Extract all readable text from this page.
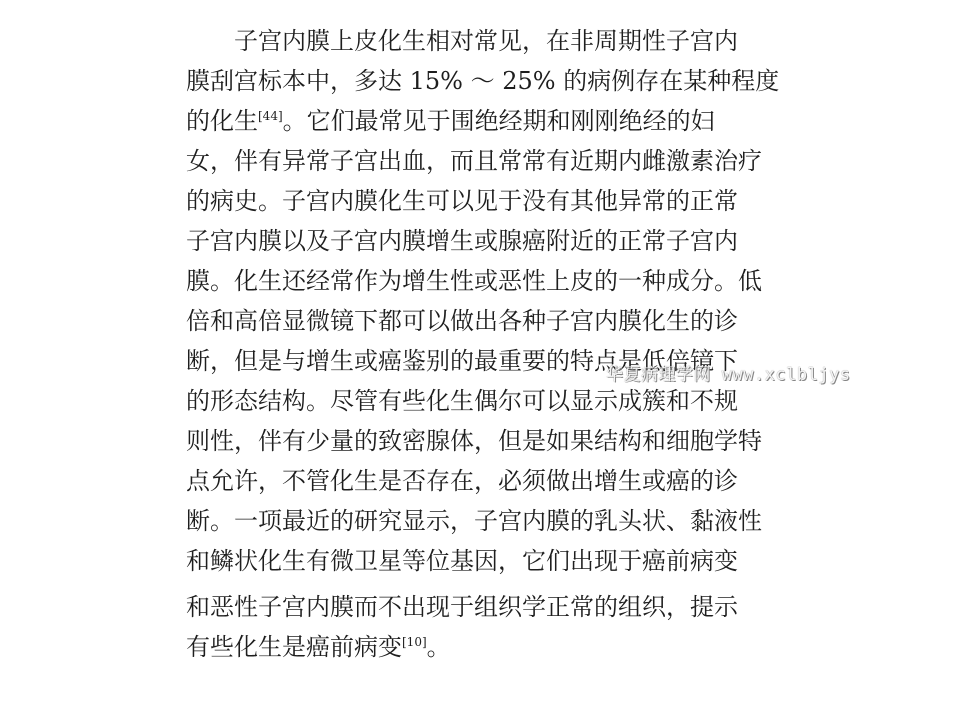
子宫内膜上皮化生相对常见，在非周期性子宫内
膜刮宫标本中，多达 15% ～ 25% 的病例存在某种程度
的化生[44]。它们最常见于围绝经期和刚刚绝经的妇
女，伴有异常子宫出血，而且常常有近期内雌激素治疗
的病史。子宫内膜化生可以见于没有其他异常的正常
子宫内膜以及子宫内膜增生或腺癌附近的正常子宫内
膜。化生还经常作为增生性或恶性上皮的一种成分。低
倍和高倍显微镜下都可以做出各种子宫内膜化生的诊
断，但是与增生或癌鉴别的最重要的特点是低倍镜下
的形态结构。尽管有些化生偶尔可以显示成簇和不规
则性，伴有少量的致密腺体，但是如果结构和细胞学特
点允许，不管化生是否存在，必须做出增生或癌的诊
断。一项最近的研究显示，子宫内膜的乳头状、黏液性
和鳞状化生有微卫星等位基因，它们出现于癌前病变
和恶性子宫内膜而不出现于组织学正常的组织，提示
有些化生是癌前病变[10]。
华夏病理学网 www.xclbljys
